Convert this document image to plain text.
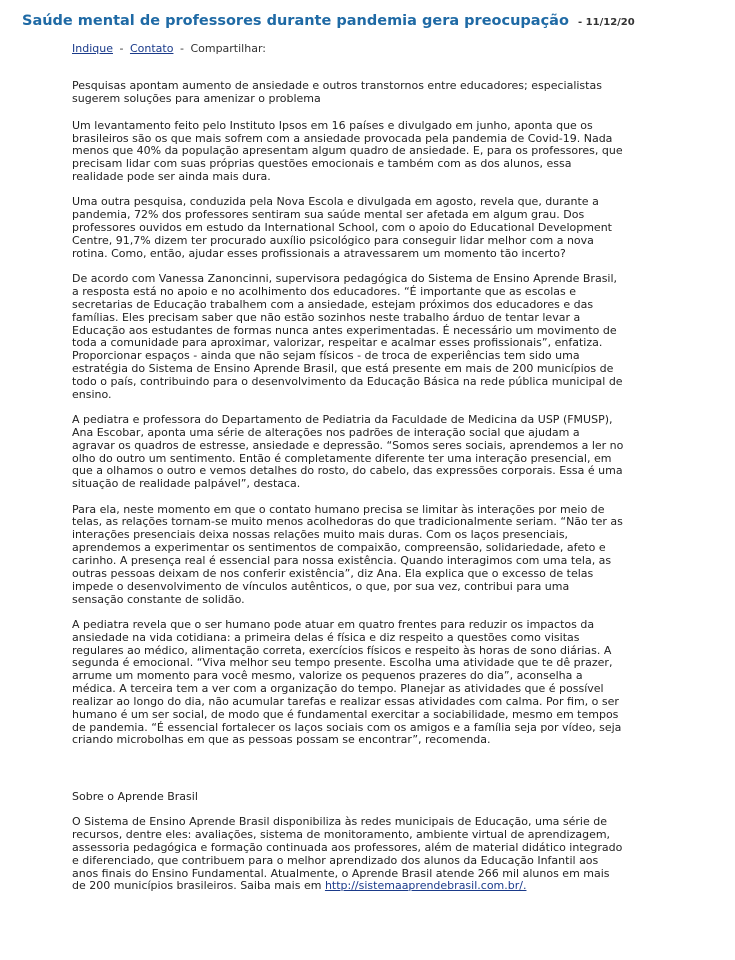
Saúde mental de professores durante pandemia gera preocupação - 11/12/20
Indique - Contato - Compartilhar:

Pesquisas apontam aumento de ansiedade e outros transtornos entre educadores; especialistas sugerem soluções para amenizar o problema

Um levantamento feito pelo Instituto Ipsos em 16 países e divulgado em junho, aponta que os brasileiros são os que mais sofrem com a ansiedade provocada pela pandemia de Covid-19. Nada menos que 40% da população apresentam algum quadro de ansiedade. E, para os professores, que precisam lidar com suas próprias questões emocionais e também com as dos alunos, essa realidade pode ser ainda mais dura.

Uma outra pesquisa, conduzida pela Nova Escola e divulgada em agosto, revela que, durante a pandemia, 72% dos professores sentiram sua saúde mental ser afetada em algum grau. Dos professores ouvidos em estudo da International School, com o apoio do Educational Development Centre, 91,7% dizem ter procurado auxílio psicológico para conseguir lidar melhor com a nova rotina. Como, então, ajudar esses profissionais a atravessarem um momento tão incerto?

De acordo com Vanessa Zanoncinni, supervisora pedagógica do Sistema de Ensino Aprende Brasil, a resposta está no apoio e no acolhimento dos educadores. “É importante que as escolas e secretarias de Educação trabalhem com a ansiedade, estejam próximos dos educadores e das famílias. Eles precisam saber que não estão sozinhos neste trabalho árduo de tentar levar a Educação aos estudantes de formas nunca antes experimentadas. É necessário um movimento de toda a comunidade para aproximar, valorizar, respeitar e acalmar esses profissionais”, enfatiza. Proporcionar espaços - ainda que não sejam físicos - de troca de experiências tem sido uma estratégia do Sistema de Ensino Aprende Brasil, que está presente em mais de 200 municípios de todo o país, contribuindo para o desenvolvimento da Educação Básica na rede pública municipal de ensino.

A pediatra e professora do Departamento de Pediatria da Faculdade de Medicina da USP (FMUSP), Ana Escobar, aponta uma série de alterações nos padrões de interação social que ajudam a agravar os quadros de estresse, ansiedade e depressão. “Somos seres sociais, aprendemos a ler no olho do outro um sentimento. Então é completamente diferente ter uma interação presencial, em que a olhamos o outro e vemos detalhes do rosto, do cabelo, das expressões corporais. Essa é uma situação de realidade palpável”, destaca.

Para ela, neste momento em que o contato humano precisa se limitar às interações por meio de telas, as relações tornam-se muito menos acolhedoras do que tradicionalmente seriam. “Não ter as interações presenciais deixa nossas relações muito mais duras. Com os laços presenciais, aprendemos a experimentar os sentimentos de compaixão, compreensão, solidariedade, afeto e carinho. A presença real é essencial para nossa existência. Quando interagimos com uma tela, as outras pessoas deixam de nos conferir existência”, diz Ana. Ela explica que o excesso de telas impede o desenvolvimento de vínculos autênticos, o que, por sua vez, contribui para uma sensação constante de solidão.

A pediatra revela que o ser humano pode atuar em quatro frentes para reduzir os impactos da ansiedade na vida cotidiana: a primeira delas é física e diz respeito a questões como visitas regulares ao médico, alimentação correta, exercícios físicos e respeito às horas de sono diárias. A segunda é emocional. “Viva melhor seu tempo presente. Escolha uma atividade que te dê prazer, arrume um momento para você mesmo, valorize os pequenos prazeres do dia”, aconselha a médica. A terceira tem a ver com a organização do tempo. Planejar as atividades que é possível realizar ao longo do dia, não acumular tarefas e realizar essas atividades com calma. Por fim, o ser humano é um ser social, de modo que é fundamental exercitar a sociabilidade, mesmo em tempos de pandemia. “É essencial fortalecer os laços sociais com os amigos e a família seja por vídeo, seja criando microbolhas em que as pessoas possam se encontrar”, recomenda.

Sobre o Aprende Brasil

O Sistema de Ensino Aprende Brasil disponibiliza às redes municipais de Educação, uma série de recursos, dentre eles: avaliações, sistema de monitoramento, ambiente virtual de aprendizagem, assessoria pedagógica e formação continuada aos professores, além de material didático integrado e diferenciado, que contribuem para o melhor aprendizado dos alunos da Educação Infantil aos anos finais do Ensino Fundamental. Atualmente, o Aprende Brasil atende 266 mil alunos em mais de 200 municípios brasileiros. Saiba mais em http://sistemaaprendebrasil.com.br/.
